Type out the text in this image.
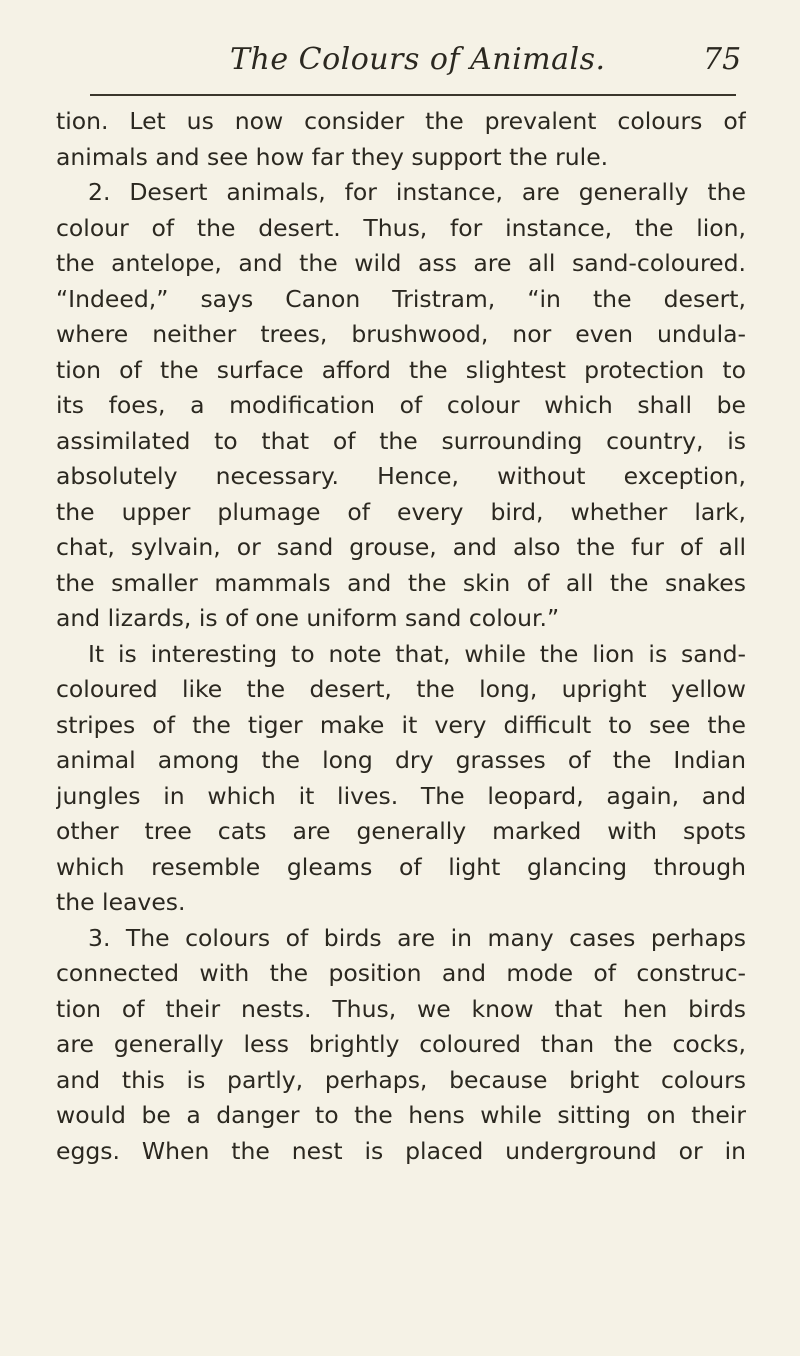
The Colours of Animals.	75
tion. Let us now consider the prevalent colours of
animals and see how far they support the rule.
2. Desert animals, for instance, are generally the
colour of the desert. Thus, for instance, the lion,
the antelope, and the wild ass are all sand-coloured.
“Indeed,” says Canon Tristram, “in the desert,
where neither trees, brushwood, nor even undula-
tion of the surface afford the slightest protection to
its foes, a modification of colour which shall be
assimilated to that of the surrounding country, is
absolutely necessary. Hence, without exception,
the upper plumage of every bird, whether lark,
chat, sylvain, or sand grouse, and also the fur of all
the smaller mammals and the skin of all the snakes
and lizards, is of one uniform sand colour.”
It is interesting to note that, while the lion is sand-
coloured like the desert, the long, upright yellow
stripes of the tiger make it very difficult to see the
animal among the long dry grasses of the Indian
jungles in which it lives. The leopard, again, and
other tree cats are generally marked with spots
which resemble gleams of light glancing through
the leaves.
3. The colours of birds are in many cases perhaps
connected with the position and mode of construc-
tion of their nests. Thus, we know that hen birds
are generally less brightly coloured than the cocks,
and this is partly, perhaps, because bright colours
would be a danger to the hens while sitting on their
eggs. When the nest is placed underground or in
